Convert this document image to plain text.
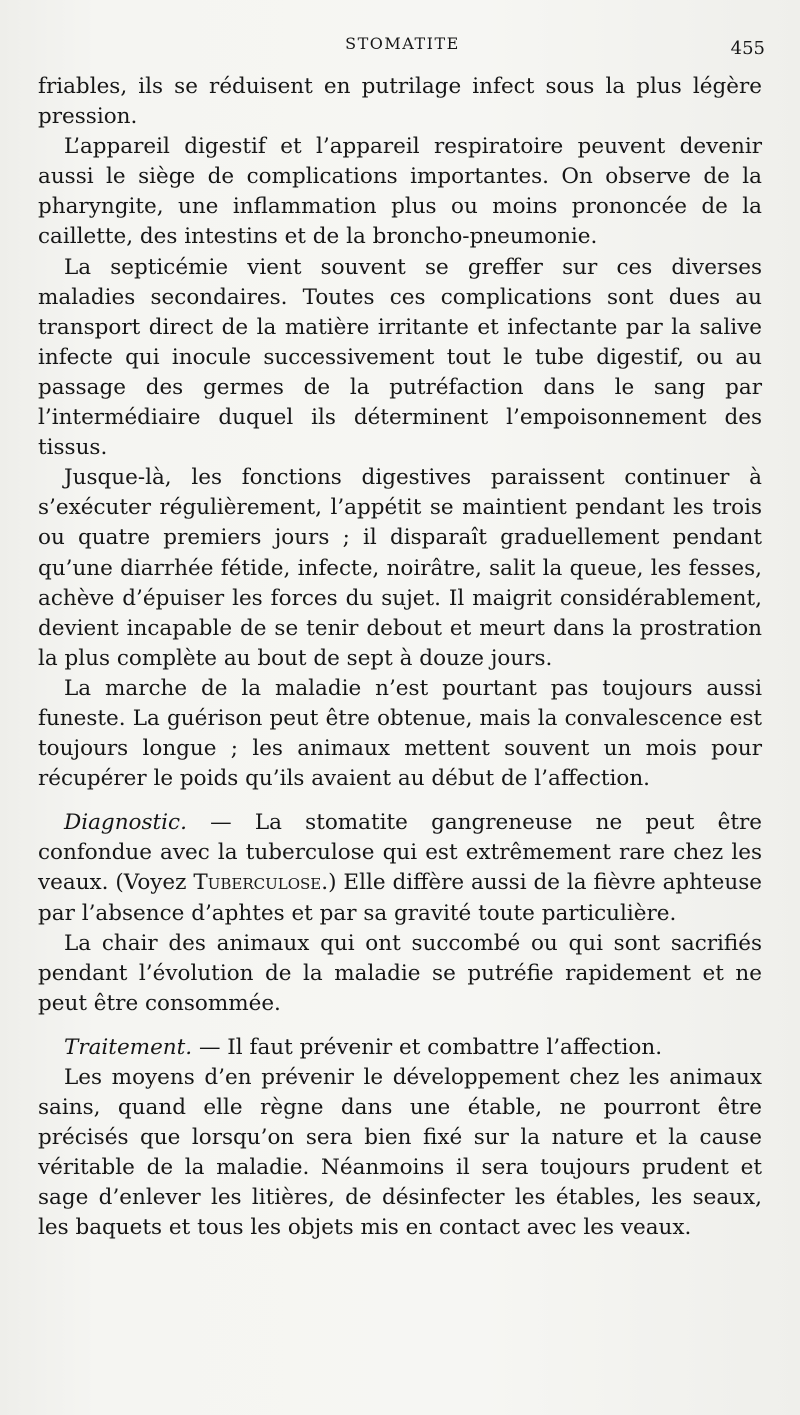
STOMATITE	455

friables, ils se réduisent en putrilage infect sous la plus légère pression.

L’appareil digestif et l’appareil respiratoire peuvent devenir aussi le siège de complications importantes. On observe de la pharyngite, une inflammation plus ou moins prononcée de la caillette, des intestins et de la broncho-pneumonie.

La septicémie vient souvent se greffer sur ces diverses maladies secondaires. Toutes ces complications sont dues au transport direct de la matière irritante et infectante par la salive infecte qui inocule successivement tout le tube digestif, ou au passage des germes de la putréfaction dans le sang par l’intermédiaire duquel ils déterminent l’empoisonnement des tissus.

Jusque-là, les fonctions digestives paraissent continuer à s’exécuter régulièrement, l’appétit se maintient pendant les trois ou quatre premiers jours ; il disparaît graduellement pendant qu’une diarrhée fétide, infecte, noirâtre, salit la queue, les fesses, achève d’épuiser les forces du sujet. Il maigrit considérablement, devient incapable de se tenir debout et meurt dans la prostration la plus complète au bout de sept à douze jours.

La marche de la maladie n’est pourtant pas toujours aussi funeste. La guérison peut être obtenue, mais la convalescence est toujours longue ; les animaux mettent souvent un mois pour récupérer le poids qu’ils avaient au début de l’affection.

Diagnostic. — La stomatite gangreneuse ne peut être confondue avec la tuberculose qui est extrêmement rare chez les veaux. (Voyez Tuberculose.) Elle diffère aussi de la fièvre aphteuse par l’absence d’aphtes et par sa gravité toute particulière.

La chair des animaux qui ont succombé ou qui sont sacrifiés pendant l’évolution de la maladie se putréfie rapidement et ne peut être consommée.

Traitement. — Il faut prévenir et combattre l’affection.

Les moyens d’en prévenir le développement chez les animaux sains, quand elle règne dans une étable, ne pourront être précisés que lorsqu’on sera bien fixé sur la nature et la cause véritable de la maladie. Néanmoins il sera toujours prudent et sage d’enlever les litières, de désinfecter les étables, les seaux, les baquets et tous les objets mis en contact avec les veaux.
